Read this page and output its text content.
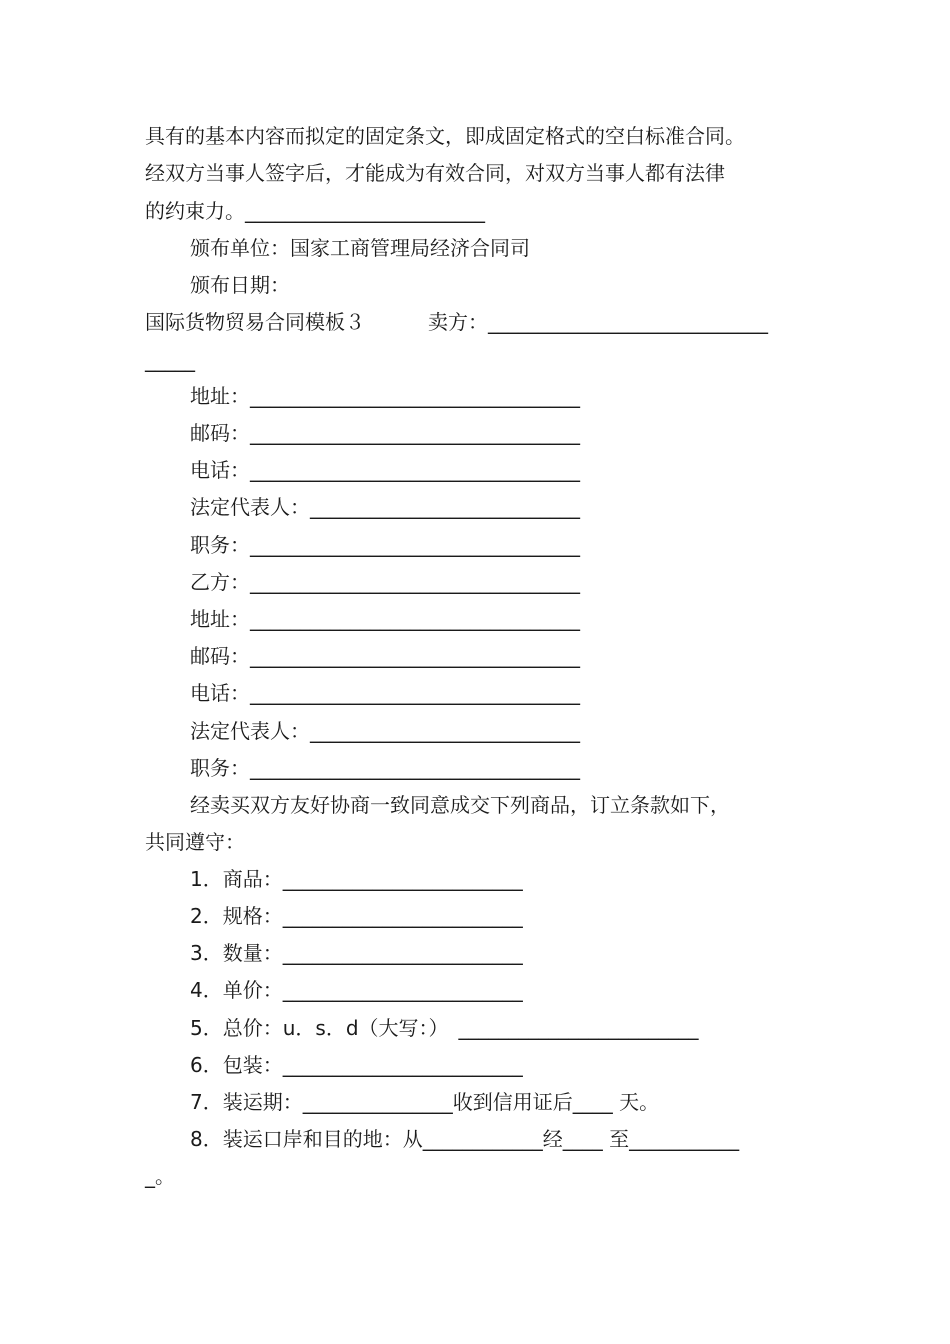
具有的基本内容而拟定的固定条文，即成固定格式的空白标准合同。
经双方当事人签字后，才能成为有效合同，对双方当事人都有法律
的约束力。________________________
颁布单位：国家工商管理局经济合同司
颁布日期：
国际货物贸易合同模板３	卖方：____________________________
_____
地址：_________________________________
邮码：_________________________________
电话：_________________________________
法定代表人：___________________________
职务：_________________________________
乙方：_________________________________
地址：_________________________________
邮码：_________________________________
电话：_________________________________
法定代表人：___________________________
职务：_________________________________
经卖买双方友好协商一致同意成交下列商品，订立条款如下，
共同遵守：
1．商品：________________________
2．规格：________________________
3．数量：________________________
4．单价：________________________
5．总价：u．s．d（大写：） ________________________
6．包装：________________________
7．装运期：_______________收到信用证后____ 天。
8．装运口岸和目的地：从____________经____ 至___________
_。
